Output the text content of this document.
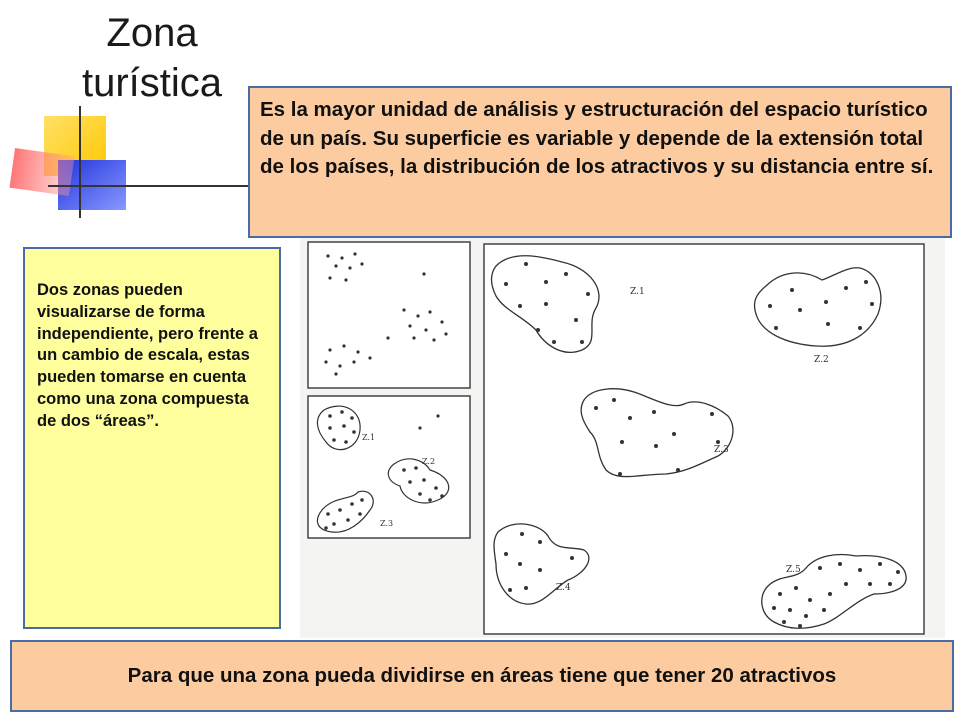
Zona turística
Es la mayor unidad de análisis y estructuración del espacio turístico de un país. Su superficie es variable y depende de la extensión total de los países, la distribución de los atractivos y su distancia entre sí.
Dos zonas pueden visualizarse de forma independiente, pero frente a un cambio de escala, estas pueden tomarse en cuenta como una zona compuesta de dos “áreas”.
Z.1
Z.2
Z.3
Z.1
Z.2
Z.3
Z.4
Z.5
Para que una zona pueda dividirse en áreas tiene que tener 20 atractivos
